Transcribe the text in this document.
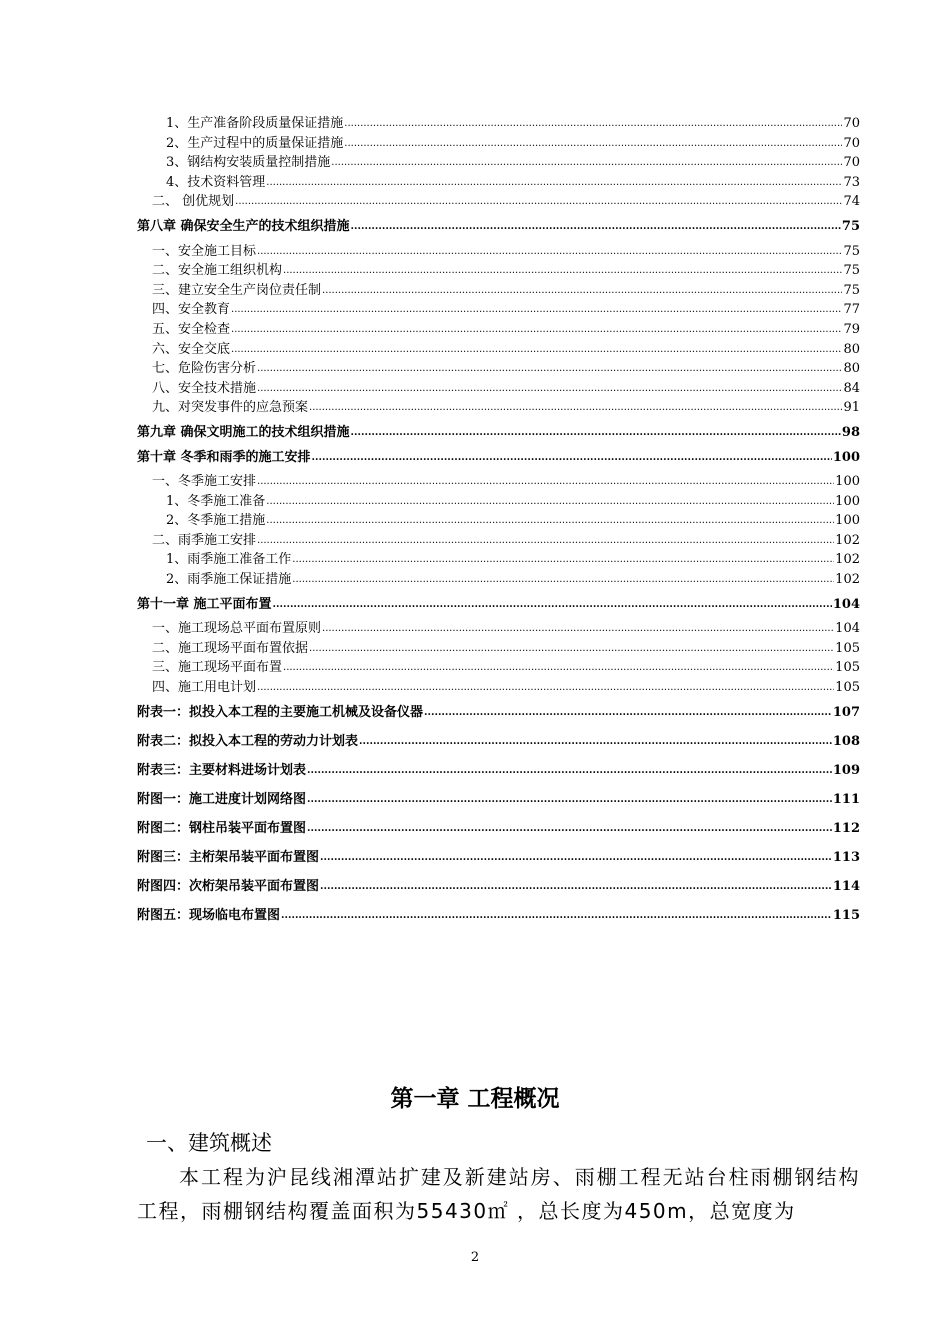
1、生产准备阶段质量保证措施 .....	70
2、生产过程中的质量保证措施 .....	70
3、钢结构安装质量控制措施 .....	70
4、技术资料管理 .....	73
二、 创优规划 .....	74
第八章 确保安全生产的技术组织措施 .....	75
一、安全施工目标 .....	75
二、安全施工组织机构 .....	75
三、建立安全生产岗位责任制 .....	75
四、安全教育 .....	77
五、安全检查 .....	79
六、安全交底 .....	80
七、危险伤害分析 .....	80
八、安全技术措施 .....	84
九、对突发事件的应急预案 .....	91
第九章 确保文明施工的技术组织措施 .....	98
第十章 冬季和雨季的施工安排 .....	100
一、冬季施工安排 .....	100
1、冬季施工准备 .....	100
2、冬季施工措施 .....	100
二、雨季施工安排 .....	102
1、雨季施工准备工作 .....	102
2、雨季施工保证措施 .....	102
第十一章 施工平面布置 .....	104
一、施工现场总平面布置原则 .....	104
二、施工现场平面布置依据 .....	105
三、施工现场平面布置 .....	105
四、施工用电计划 .....	105
附表一：拟投入本工程的主要施工机械及设备仪器 .....	107
附表二：拟投入本工程的劳动力计划表 .....	108
附表三：主要材料进场计划表 .....	109
附图一：施工进度计划网络图 .....	111
附图二：钢柱吊装平面布置图 .....	112
附图三：主桁架吊装平面布置图 .....	113
附图四：次桁架吊装平面布置图 .....	114
附图五：现场临电布置图 .....	115
第一章 工程概况
一、建筑概述
本工程为沪昆线湘潭站扩建及新建站房、雨棚工程无站台柱雨棚钢结构工程，雨棚钢结构覆盖面积为55430㎡ ，总长度为450m，总宽度为
2
